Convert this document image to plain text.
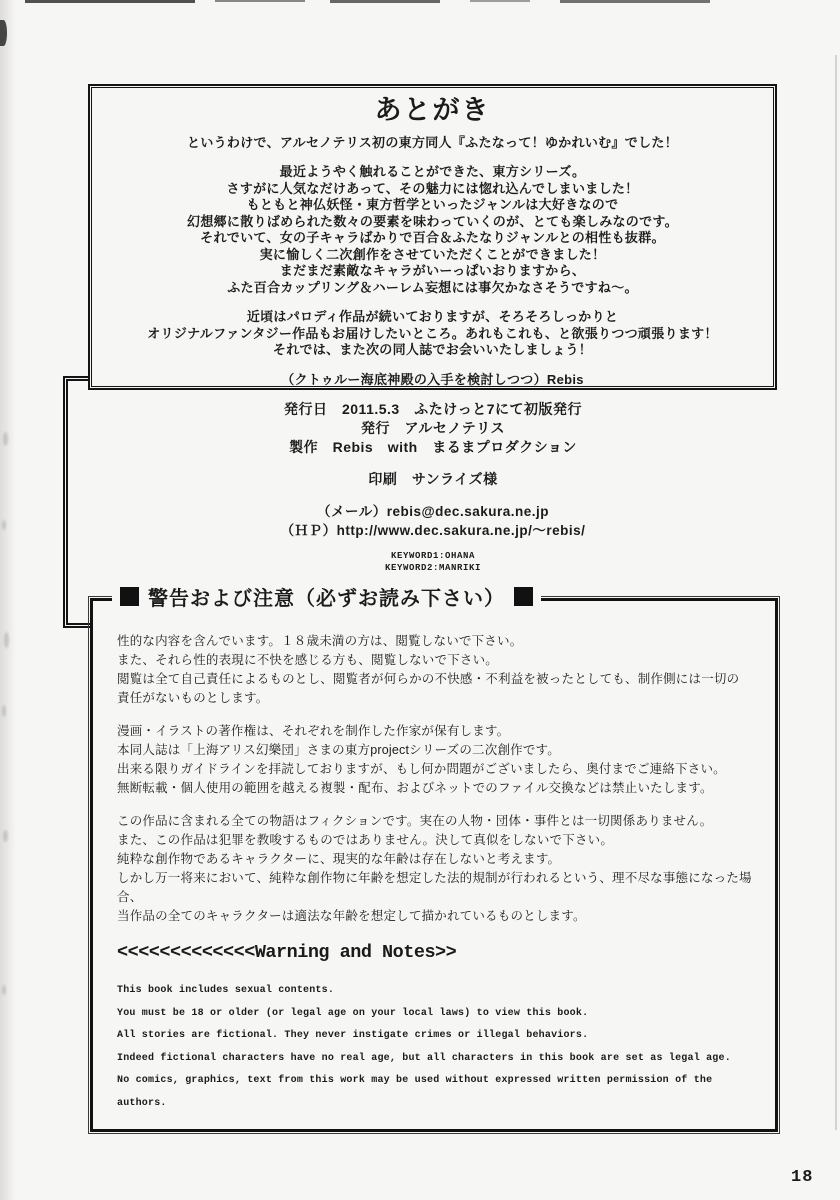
あとがき
というわけで、アルセノテリス初の東方同人『ふたなって！ゆかれいむ』でした！
最近ようやく触れることができた、東方シリーズ。
さすがに人気なだけあって、その魅力には惚れ込んでしまいました！
もともと神仏妖怪・東方哲学といったジャンルは大好きなので
幻想郷に散りばめられた数々の要素を味わっていくのが、とても楽しみなのです。
それでいて、女の子キャラばかりで百合＆ふたなりジャンルとの相性も抜群。
実に愉しく二次創作をさせていただくことができました！
まだまだ素敵なキャラがいーっぱいおりますから、
ふた百合カップリング＆ハーレム妄想には事欠かなさそうですね～。
近頃はパロディ作品が続いておりますが、そろそろしっかりと
オリジナルファンタジー作品もお届けしたいところ。あれもこれも、と欲張りつつ頑張ります！
それでは、また次の同人誌でお会いいたしましょう！
（クトゥルー海底神殿の入手を検討しつつ）Rebis
発行日　2011.5.3　ふたけっと7にて初版発行
発行　アルセノテリス
製作　Rebis　with　まるまプロダクション
印刷　サンライズ様
（メール）rebis@dec.sakura.ne.jp
（ＨＰ）http://www.dec.sakura.ne.jp/～rebis/
KEYWORD1:OHANA
KEYWORD2:MANRIKI
警告および注意（必ずお読み下さい）
性的な内容を含んでいます。１８歳未満の方は、閲覧しないで下さい。
また、それら性的表現に不快を感じる方も、閲覧しないで下さい。
閲覧は全て自己責任によるものとし、閲覧者が何らかの不快感・不利益を被ったとしても、制作側には一切の
責任がないものとします。
漫画・イラストの著作権は、それぞれを制作した作家が保有します。
本同人誌は「上海アリス幻樂団」さまの東方projectシリーズの二次創作です。
出来る限りガイドラインを拝読しておりますが、もし何か問題がございましたら、奥付までご連絡下さい。
無断転載・個人使用の範囲を越える複製・配布、およびネットでのファイル交換などは禁止いたします。
この作品に含まれる全ての物語はフィクションです。実在の人物・団体・事件とは一切関係ありません。
また、この作品は犯罪を教唆するものではありません。決して真似をしないで下さい。
純粋な創作物であるキャラクターに、現実的な年齢は存在しないと考えます。
しかし万一将来において、純粋な創作物に年齢を想定した法的規制が行われるという、理不尽な事態になった場合、
当作品の全てのキャラクターは適法な年齢を想定して描かれているものとします。
<<<<<<<<<<<<<Warning and Notes>>
This book includes sexual contents.
You must be 18 or older (or legal age on your local laws) to view this book.
All stories are fictional. They never instigate crimes or illegal behaviors.
Indeed fictional characters have no real age, but all characters in this book are set as legal age.
No comics, graphics, text from this work may be used without expressed written permission of the authors.
18
